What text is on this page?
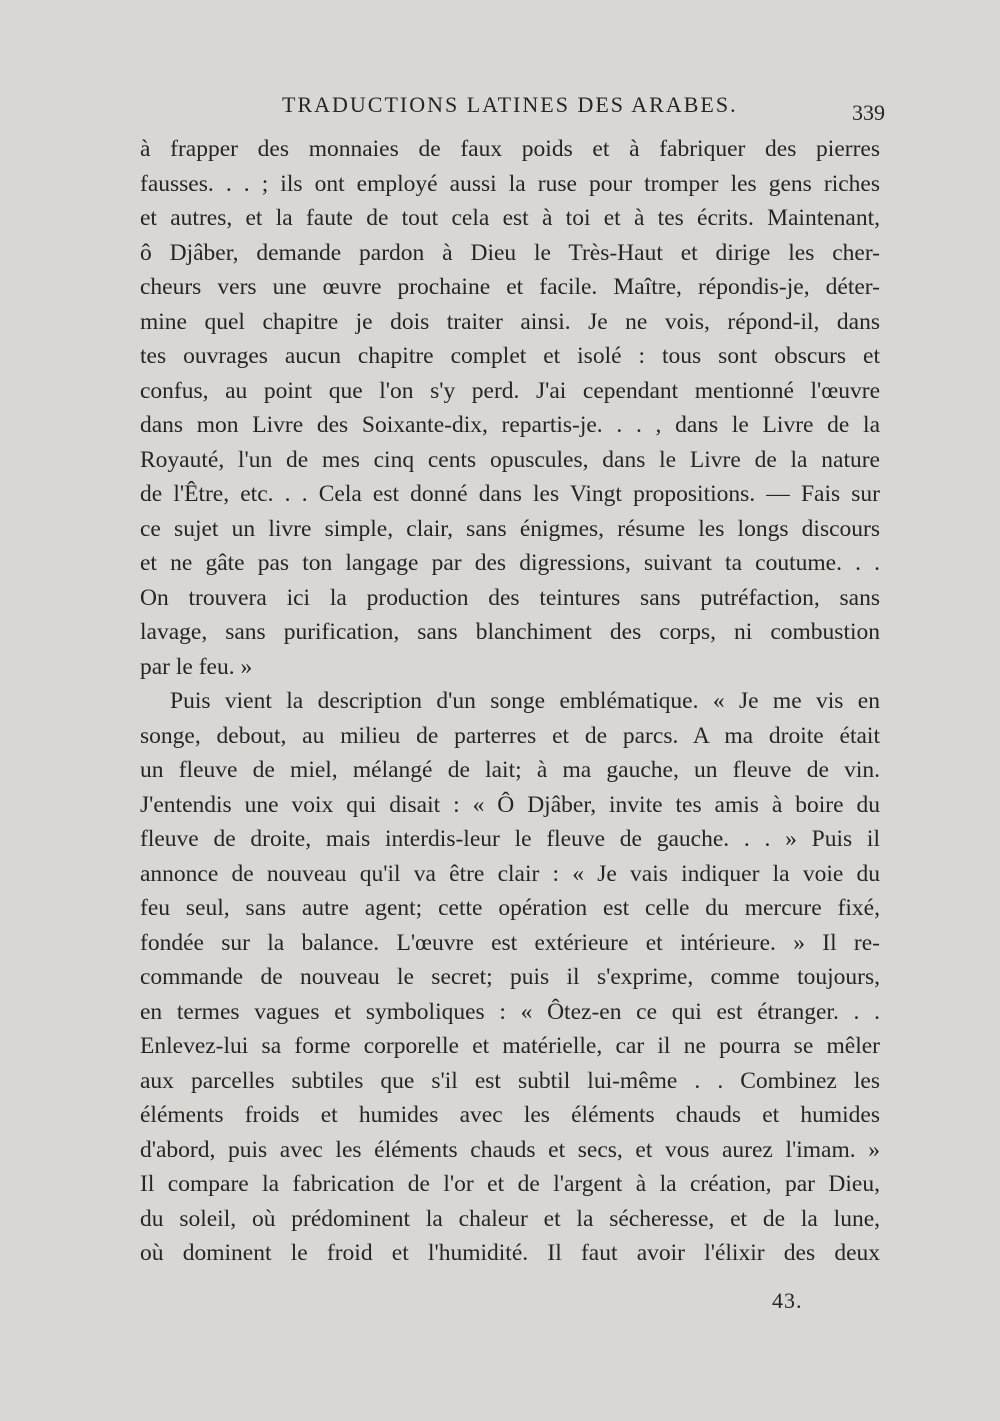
TRADUCTIONS LATINES DES ARABES.	339
à frapper des monnaies de faux poids et à fabriquer des pierres
fausses. . . ; ils ont employé aussi la ruse pour tromper les gens riches
et autres, et la faute de tout cela est à toi et à tes écrits. Maintenant,
ô Djâber, demande pardon à Dieu le Très-Haut et dirige les cher-
cheurs vers une œuvre prochaine et facile. Maître, répondis-je, déter-
mine quel chapitre je dois traiter ainsi. Je ne vois, répond-il, dans
tes ouvrages aucun chapitre complet et isolé : tous sont obscurs et
confus, au point que l'on s'y perd. J'ai cependant mentionné l'œuvre
dans mon Livre des Soixante-dix, repartis-je. . . , dans le Livre de la
Royauté, l'un de mes cinq cents opuscules, dans le Livre de la nature
de l'Être, etc. . . Cela est donné dans les Vingt propositions. — Fais sur
ce sujet un livre simple, clair, sans énigmes, résume les longs discours
et ne gâte pas ton langage par des digressions, suivant ta coutume. . .
On trouvera ici la production des teintures sans putréfaction, sans
lavage, sans purification, sans blanchiment des corps, ni combustion
par le feu. »
Puis vient la description d'un songe emblématique. « Je me vis en
songe, debout, au milieu de parterres et de parcs. A ma droite était
un fleuve de miel, mélangé de lait; à ma gauche, un fleuve de vin.
J'entendis une voix qui disait : « Ô Djâber, invite tes amis à boire du
fleuve de droite, mais interdis-leur le fleuve de gauche. . . » Puis il
annonce de nouveau qu'il va être clair : « Je vais indiquer la voie du
feu seul, sans autre agent; cette opération est celle du mercure fixé,
fondée sur la balance. L'œuvre est extérieure et intérieure. » Il re-
commande de nouveau le secret; puis il s'exprime, comme toujours,
en termes vagues et symboliques : « Ôtez-en ce qui est étranger. . .
Enlevez-lui sa forme corporelle et matérielle, car il ne pourra se mêler
aux parcelles subtiles que s'il est subtil lui-même . . Combinez les
éléments froids et humides avec les éléments chauds et humides
d'abord, puis avec les éléments chauds et secs, et vous aurez l'imam. »
Il compare la fabrication de l'or et de l'argent à la création, par Dieu,
du soleil, où prédominent la chaleur et la sécheresse, et de la lune,
où dominent le froid et l'humidité. Il faut avoir l'élixir des deux
43.
